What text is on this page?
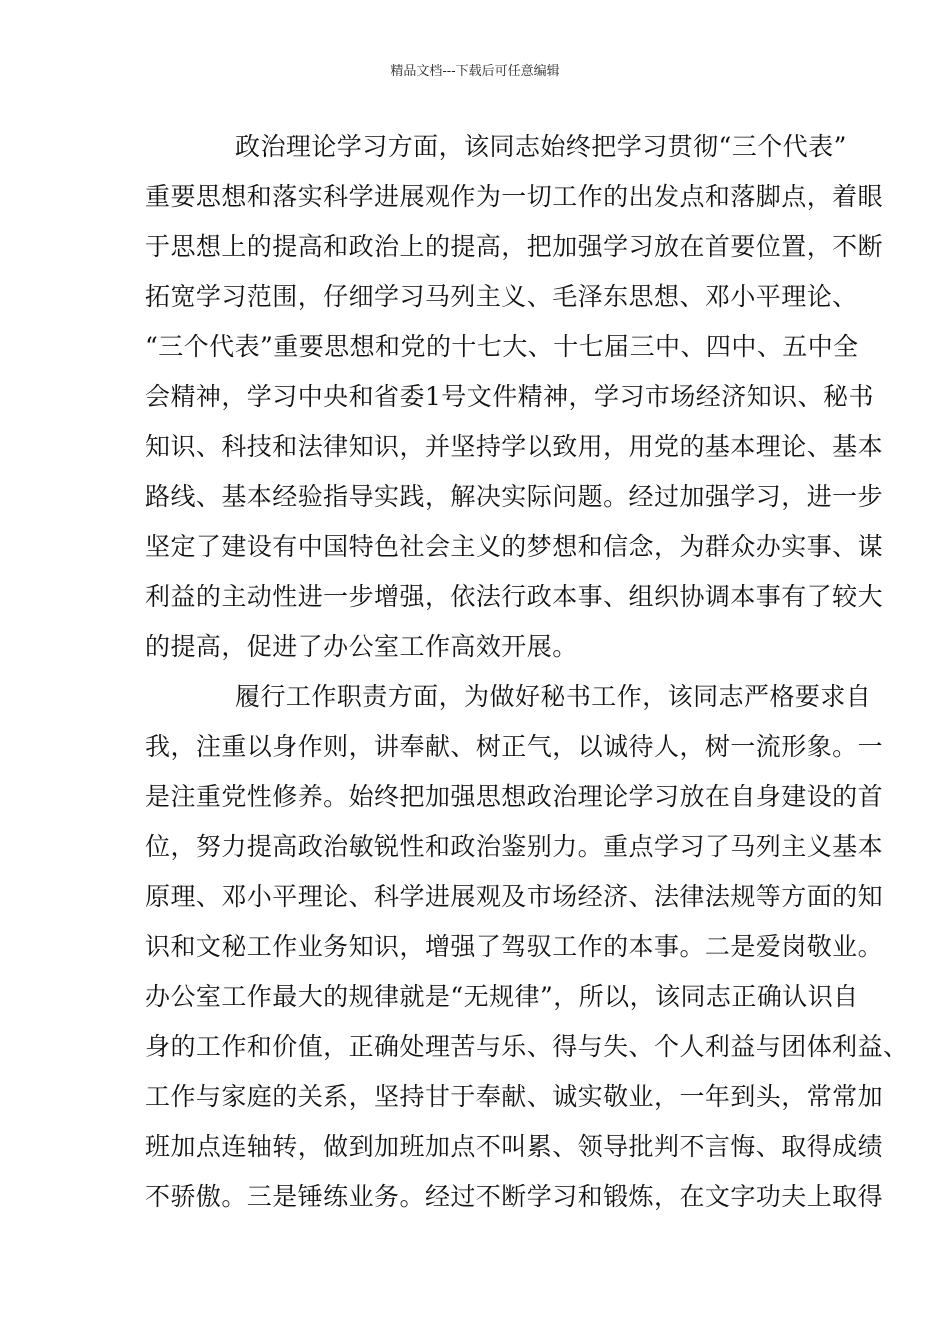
精品文档---下载后可任意编辑
政治理论学习方面，该同志始终把学习贯彻“三个代表”
重要思想和落实科学进展观作为一切工作的出发点和落脚点，着眼
于思想上的提高和政治上的提高，把加强学习放在首要位置，不断
拓宽学习范围，仔细学习马列主义、毛泽东思想、邓小平理论、
“三个代表”重要思想和党的十七大、十七届三中、四中、五中全
会精神，学习中央和省委1号文件精神，学习市场经济知识、秘书
知识、科技和法律知识，并坚持学以致用，用党的基本理论、基本
路线、基本经验指导实践，解决实际问题。经过加强学习，进一步
坚定了建设有中国特色社会主义的梦想和信念，为群众办实事、谋
利益的主动性进一步增强，依法行政本事、组织协调本事有了较大
的提高，促进了办公室工作高效开展。
履行工作职责方面，为做好秘书工作，该同志严格要求自
我，注重以身作则，讲奉献、树正气，以诚待人，树一流形象。一
是注重党性修养。始终把加强思想政治理论学习放在自身建设的首
位，努力提高政治敏锐性和政治鉴别力。重点学习了马列主义基本
原理、邓小平理论、科学进展观及市场经济、法律法规等方面的知
识和文秘工作业务知识，增强了驾驭工作的本事。二是爱岗敬业。
办公室工作最大的规律就是“无规律”，所以，该同志正确认识自
身的工作和价值，正确处理苦与乐、得与失、个人利益与团体利益、
工作与家庭的关系，坚持甘于奉献、诚实敬业，一年到头，常常加
班加点连轴转，做到加班加点不叫累、领导批判不言悔、取得成绩
不骄傲。三是锤练业务。经过不断学习和锻炼，在文字功夫上取得
